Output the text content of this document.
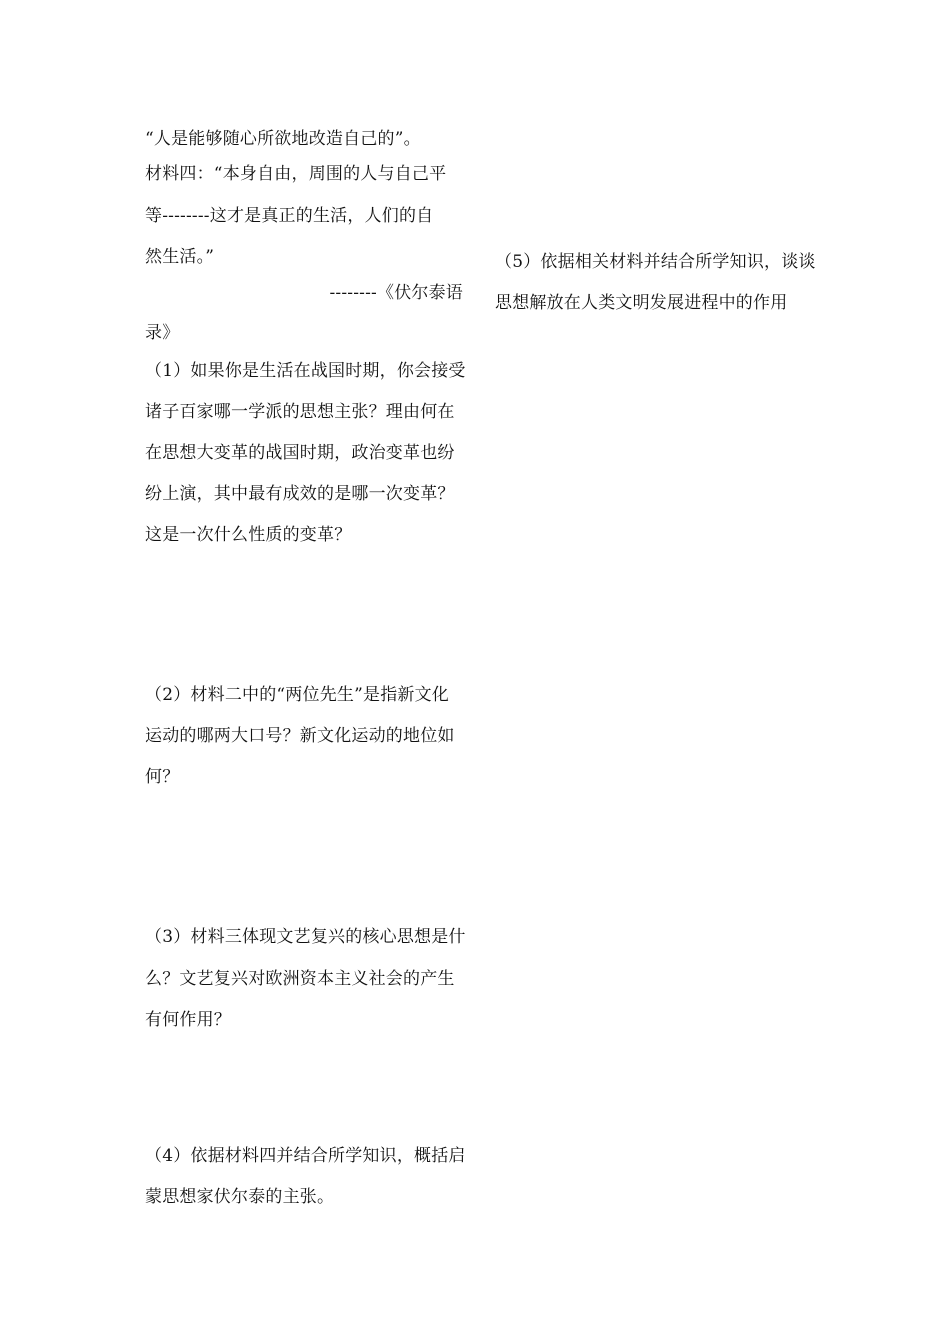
“人是能够随心所欲地改造自己的”。
材料四：“本身自由，周围的人与自己平
等--------这才是真正的生活，人们的自
然生活。”
--------《伏尔泰语
录》
（1）如果你是生活在战国时期，你会接受
诸子百家哪一学派的思想主张？理由何在
在思想大变革的战国时期，政治变革也纷
纷上演，其中最有成效的是哪一次变革？
这是一次什么性质的变革？
（2）材料二中的“两位先生”是指新文化
运动的哪两大口号？新文化运动的地位如
何？
（3）材料三体现文艺复兴的核心思想是什
么？文艺复兴对欧洲资本主义社会的产生
有何作用？
（4）依据材料四并结合所学知识，概括启
蒙思想家伏尔泰的主张。
（5）依据相关材料并结合所学知识，谈谈
思想解放在人类文明发展进程中的作用
